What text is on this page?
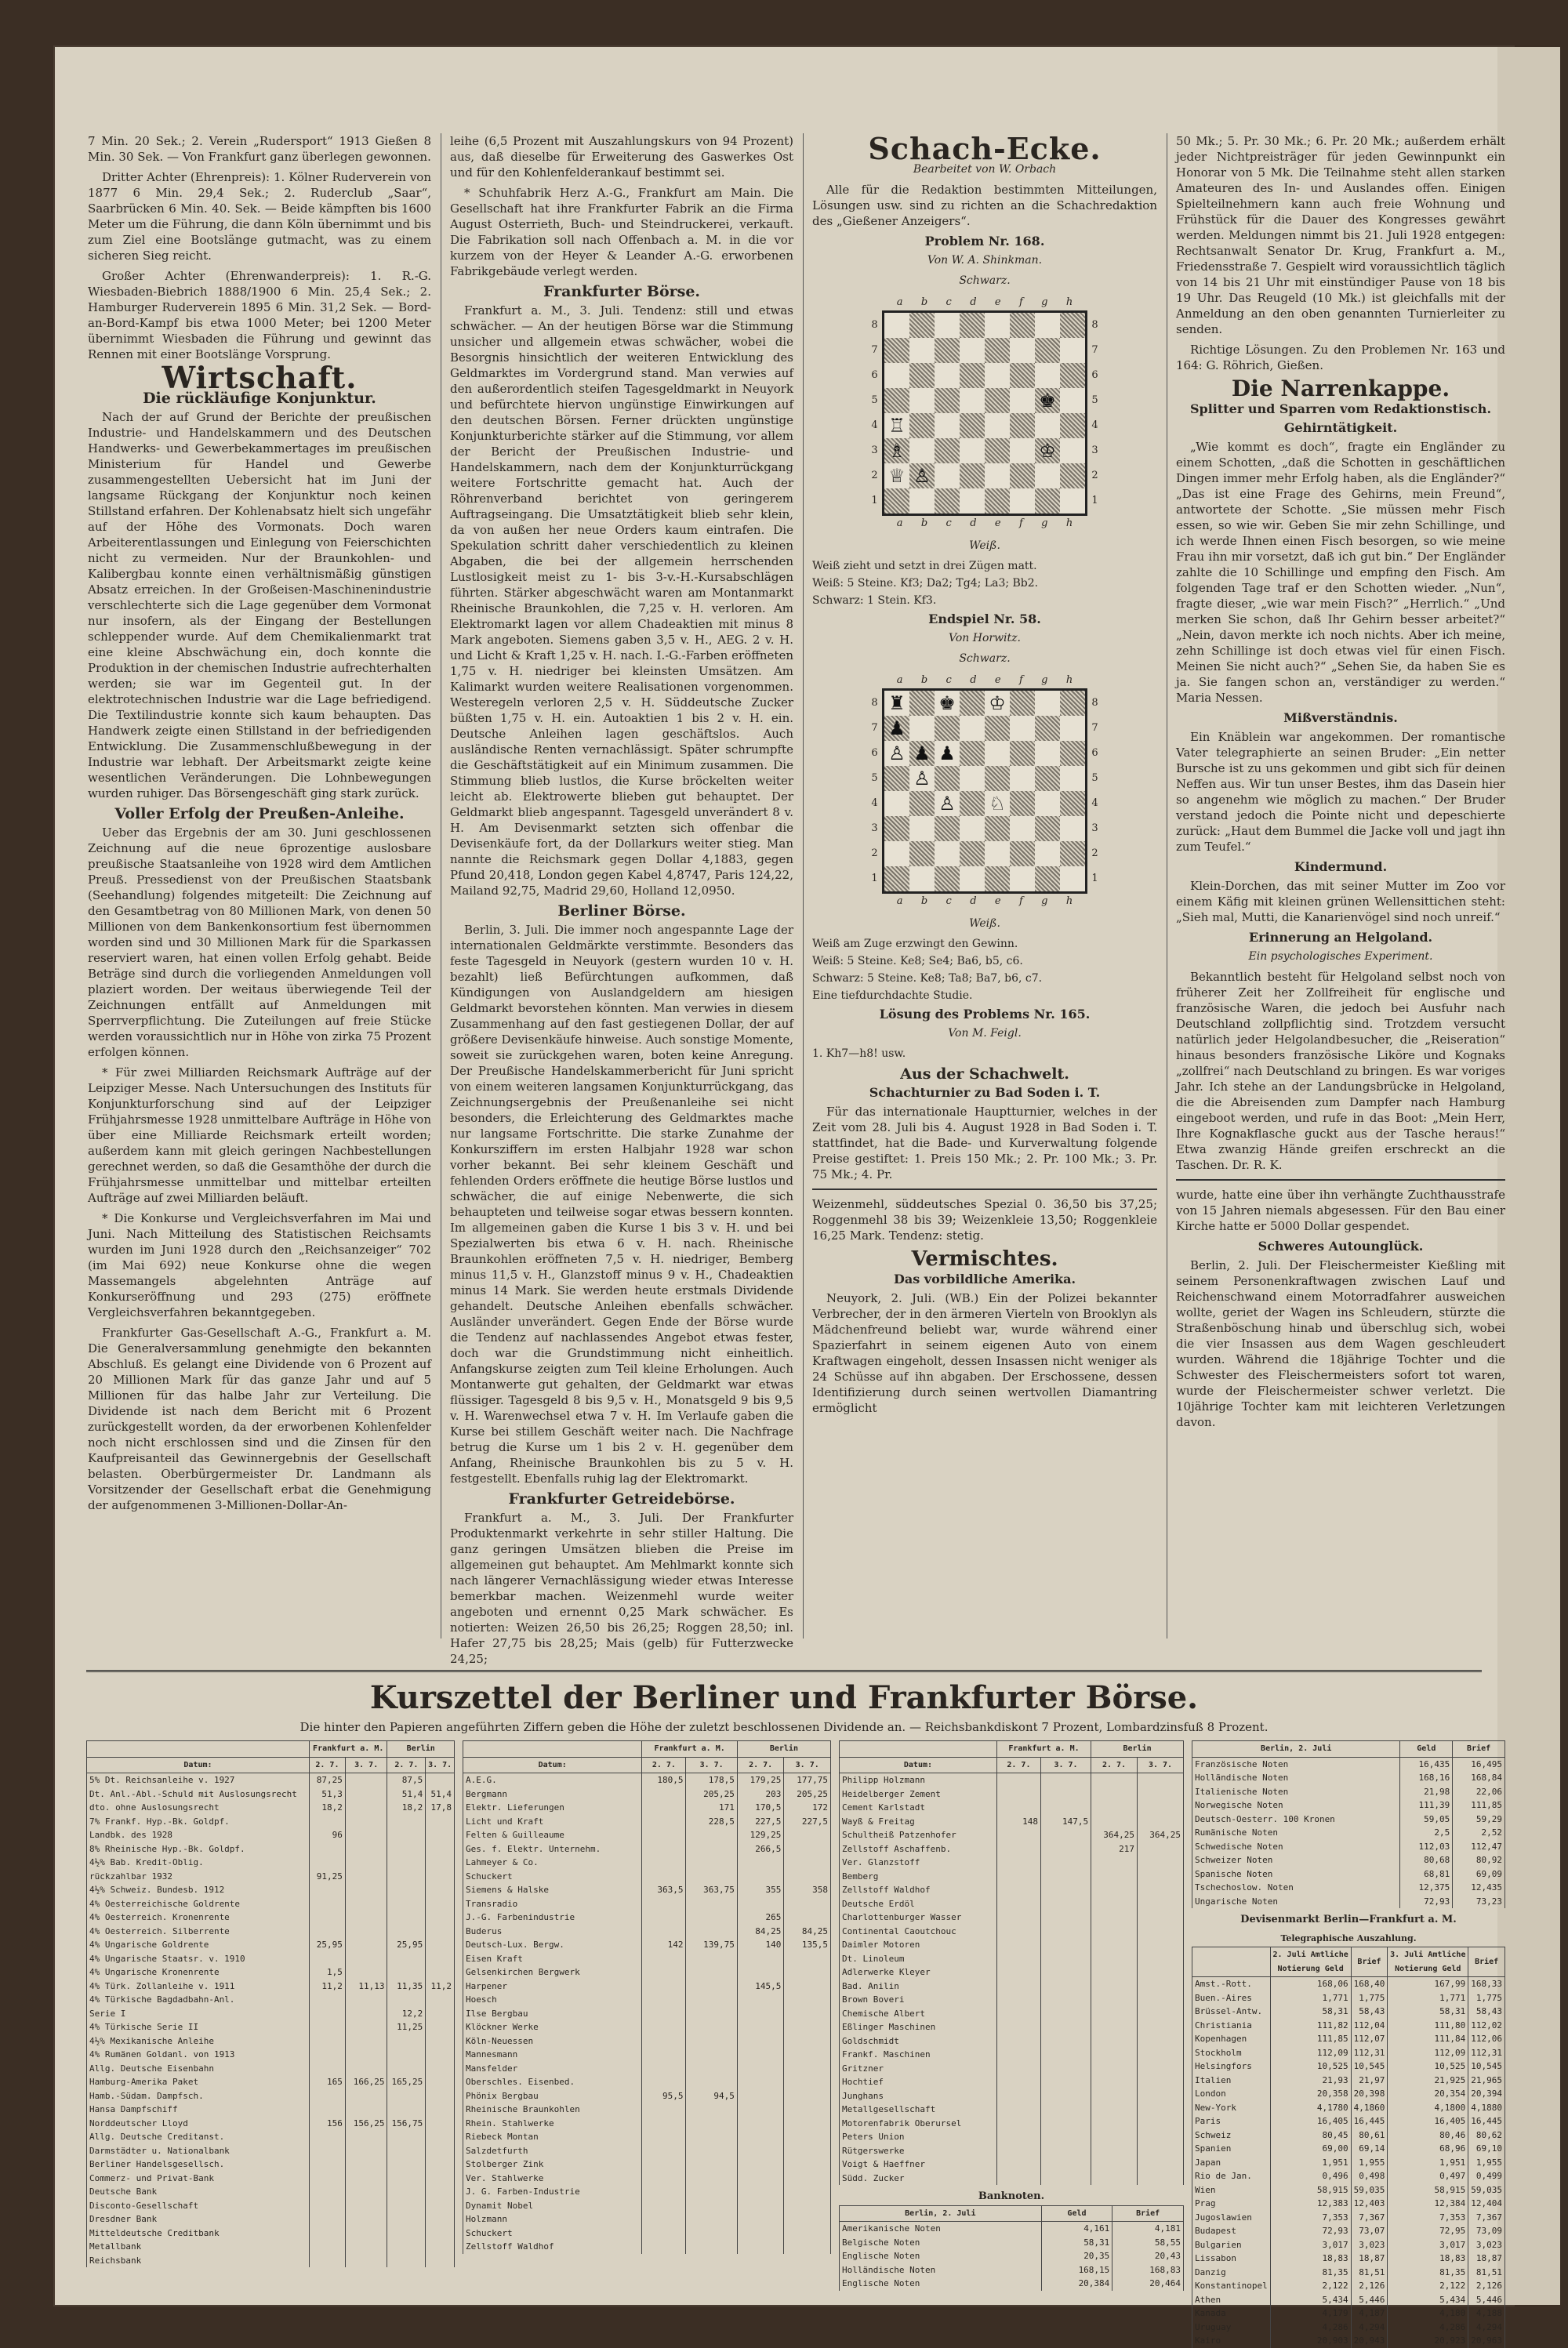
7 Min. 20 Sek.; 2. Verein „Rudersport“ 1913 Gießen 8 Min. 30 Sek. — Von Frankfurt ganz überlegen gewonnen.

Dritter Achter (Ehrenpreis): 1. Kölner Ruderverein von 1877 6 Min. 29,4 Sek.; 2. Ruderclub „Saar“, Saarbrücken 6 Min. 40. Sek. — Beide kämpften bis 1600 Meter um die Führung, die dann Köln übernimmt und bis zum Ziel eine Bootslänge gutmacht, was zu einem sicheren Sieg reicht.

Großer Achter (Ehrenwanderpreis): 1. R.-G. Wiesbaden-Biebrich 1888/1900 6 Min. 25,4 Sek.; 2. Hamburger Ruderverein 1895 6 Min. 31,2 Sek. — Bord-an-Bord-Kampf bis etwa 1000 Meter; bei 1200 Meter übernimmt Wiesbaden die Führung und gewinnt das Rennen mit einer Bootslänge Vorsprung.

Wirtschaft.
Die rückläufige Konjunktur.

Nach der auf Grund der Berichte der preußischen Industrie- und Handelskammern und des Deutschen Handwerks- und Gewerbekammertages im preußischen Ministerium für Handel und Gewerbe zusammengestellten Uebersicht hat im Juni der langsame Rückgang der Konjunktur noch keinen Stillstand erfahren. Der Kohlenabsatz hielt sich ungefähr auf der Höhe des Vormonats. Doch waren Arbeiterentlassungen und Einlegung von Feierschichten nicht zu vermeiden. Nur der Braunkohlen- und Kalibergbau konnte einen verhältnismäßig günstigen Absatz erreichen. In der Großeisen-Maschinenindustrie verschlechterte sich die Lage gegenüber dem Vormonat nur insofern, als der Eingang der Bestellungen schleppender wurde. Auf dem Chemikalienmarkt trat eine kleine Abschwächung ein, doch konnte die Produktion in der chemischen Industrie aufrechterhalten werden; sie war im Gegenteil gut. In der elektrotechnischen Industrie war die Lage befriedigend. Die Textilindustrie konnte sich kaum behaupten. Das Handwerk zeigte einen Stillstand in der befriedigenden Entwicklung. Die Zusammenschlußbewegung in der Industrie war lebhaft. Der Arbeitsmarkt zeigte keine wesentlichen Veränderungen. Die Lohnbewegungen wurden ruhiger. Das Börsengeschäft ging stark zurück.

Voller Erfolg der Preußen-Anleihe.

Ueber das Ergebnis der am 30. Juni geschlossenen Zeichnung auf die neue 6prozentige auslosbare preußische Staatsanleihe von 1928 wird dem Amtlichen Preuß. Pressedienst von der Preußischen Staatsbank (Seehandlung) folgendes mitgeteilt: Die Zeichnung auf den Gesamtbetrag von 80 Millionen Mark, von denen 50 Millionen von dem Bankenkonsortium fest übernommen worden sind und 30 Millionen Mark für die Sparkassen reserviert waren, hat einen vollen Erfolg gehabt. Beide Beträge sind durch die vorliegenden Anmeldungen voll plaziert worden. Der weitaus überwiegende Teil der Zeichnungen entfällt auf Anmeldungen mit Sperrverpflichtung. Die Zuteilungen auf freie Stücke werden voraussichtlich nur in Höhe von zirka 75 Prozent erfolgen können.

* Für zwei Milliarden Reichsmark Aufträge auf der Leipziger Messe. Nach Untersuchungen des Instituts für Konjunkturforschung sind auf der Leipziger Frühjahrsmesse 1928 unmittelbare Aufträge in Höhe von über eine Milliarde Reichsmark erteilt worden; außerdem kann mit gleich geringen Nachbestellungen gerechnet werden, so daß die Gesamthöhe der durch die Frühjahrsmesse unmittelbar und mittelbar erteilten Aufträge auf zwei Milliarden beläuft.

* Die Konkurse und Vergleichsverfahren im Mai und Juni. Nach Mitteilung des Statistischen Reichsamts wurden im Juni 1928 durch den „Reichsanzeiger“ 702 (im Mai 692) neue Konkurse ohne die wegen Massemangels abgelehnten Anträge auf Konkurseröffnung und 293 (275) eröffnete Vergleichsverfahren bekanntgegeben.

Frankfurter Gas-Gesellschaft A.-G., Frankfurt a. M. Die Generalversammlung genehmigte den bekannten Abschluß. Es gelangt eine Dividende von 6 Prozent auf 20 Millionen Mark für das ganze Jahr und auf 5 Millionen für das halbe Jahr zur Verteilung. Die Dividende ist nach dem Bericht mit 6 Prozent zurückgestellt worden, da der erworbenen Kohlenfelder noch nicht erschlossen sind und die Zinsen für den Kaufpreisanteil das Gewinnergebnis der Gesellschaft belasten. Oberbürgermeister Dr. Landmann als Vorsitzender der Gesellschaft erbat die Genehmigung der aufgenommenen 3-Millionen-Dollar-An-

leihe (6,5 Prozent mit Auszahlungskurs von 94 Prozent) aus, daß dieselbe für Erweiterung des Gaswerkes Ost und für den Kohlenfelderankauf bestimmt sei.

* Schuhfabrik Herz A.-G., Frankfurt am Main. Die Gesellschaft hat ihre Frankfurter Fabrik an die Firma August Osterrieth, Buch- und Steindruckerei, verkauft. Die Fabrikation soll nach Offenbach a. M. in die vor kurzem von der Heyer & Leander A.-G. erworbenen Fabrikgebäude verlegt werden.

Frankfurter Börse.

Frankfurt a. M., 3. Juli. Tendenz: still und etwas schwächer. — An der heutigen Börse war die Stimmung unsicher und allgemein etwas schwächer, wobei die Besorgnis hinsichtlich der weiteren Entwicklung des Geldmarktes im Vordergrund stand. Man verwies auf den außerordentlich steifen Tagesgeldmarkt in Neuyork und befürchtete hiervon ungünstige Einwirkungen auf den deutschen Börsen. Ferner drückten ungünstige Konjunkturberichte stärker auf die Stimmung, vor allem der Bericht der Preußischen Industrie- und Handelskammern, nach dem der Konjunkturrückgang weitere Fortschritte gemacht hat. Auch der Röhrenverband berichtet von geringerem Auftragseingang. Die Umsatztätigkeit blieb sehr klein, da von außen her neue Orders kaum eintrafen. Die Spekulation schritt daher verschiedentlich zu kleinen Abgaben, die bei der allgemein herrschenden Lustlosigkeit meist zu 1- bis 3-v.-H.-Kursabschlägen führten. Stärker abgeschwächt waren am Montanmarkt Rheinische Braunkohlen, die 7,25 v. H. verloren. Am Elektromarkt lagen vor allem Chadeaktien mit minus 8 Mark angeboten. Siemens gaben 3,5 v. H., AEG. 2 v. H. und Licht & Kraft 1,25 v. H. nach. I.-G.-Farben eröffneten 1,75 v. H. niedriger bei kleinsten Umsätzen. Am Kalimarkt wurden weitere Realisationen vorgenommen. Westeregeln verloren 2,5 v. H. Süddeutsche Zucker büßten 1,75 v. H. ein. Autoaktien 1 bis 2 v. H. ein. Deutsche Anleihen lagen geschäftslos. Auch ausländische Renten vernachlässigt. Später schrumpfte die Geschäftstätigkeit auf ein Minimum zusammen. Die Stimmung blieb lustlos, die Kurse bröckelten weiter leicht ab. Elektrowerte blieben gut behauptet. Der Geldmarkt blieb angespannt. Tagesgeld unverändert 8 v. H. Am Devisenmarkt setzten sich offenbar die Devisenkäufe fort, da der Dollarkurs weiter stieg. Man nannte die Reichsmark gegen Dollar 4,1883, gegen Pfund 20,418, London gegen Kabel 4,8747, Paris 124,22, Mailand 92,75, Madrid 29,60, Holland 12,0950.

Berliner Börse.

Berlin, 3. Juli. Die immer noch angespannte Lage der internationalen Geldmärkte verstimmte. Besonders das feste Tagesgeld in Neuyork (gestern wurden 10 v. H. bezahlt) ließ Befürchtungen aufkommen, daß Kündigungen von Auslandgeldern am hiesigen Geldmarkt bevorstehen könnten. Man verwies in diesem Zusammenhang auf den fast gestiegenen Dollar, der auf größere Devisenkäufe hinweise. Auch sonstige Momente, soweit sie zurückgehen waren, boten keine Anregung. Der Preußische Handelskammerbericht für Juni spricht von einem weiteren langsamen Konjunkturrückgang, das Zeichnungsergebnis der Preußenanleihe sei nicht besonders, die Erleichterung des Geldmarktes mache nur langsame Fortschritte. Die starke Zunahme der Konkursziffern im ersten Halbjahr 1928 war schon vorher bekannt. Bei sehr kleinem Geschäft und fehlenden Orders eröffnete die heutige Börse lustlos und schwächer, die auf einige Nebenwerte, die sich behaupteten und teilweise sogar etwas bessern konnten. Im allgemeinen gaben die Kurse 1 bis 3 v. H. und bei Spezialwerten bis etwa 6 v. H. nach. Rheinische Braunkohlen eröffneten 7,5 v. H. niedriger, Bemberg minus 11,5 v. H., Glanzstoff minus 9 v. H., Chadeaktien minus 14 Mark. Sie werden heute erstmals Dividende gehandelt. Deutsche Anleihen ebenfalls schwächer. Ausländer unverändert. Gegen Ende der Börse wurde die Tendenz auf nachlassendes Angebot etwas fester, doch war die Grundstimmung nicht einheitlich. Anfangskurse zeigten zum Teil kleine Erholungen. Auch Montanwerte gut gehalten, der Geldmarkt war etwas flüssiger. Tagesgeld 8 bis 9,5 v. H., Monatsgeld 9 bis 9,5 v. H. Warenwechsel etwa 7 v. H. Im Verlaufe gaben die Kurse bei stillem Geschäft weiter nach. Die Nachfrage betrug die Kurse um 1 bis 2 v. H. gegenüber dem Anfang, Rheinische Braunkohlen bis zu 5 v. H. festgestellt. Ebenfalls ruhig lag der Elektromarkt.

Frankfurter Getreidebörse.

Frankfurt a. M., 3. Juli. Der Frankfurter Produktenmarkt verkehrte in sehr stiller Haltung. Die ganz geringen Umsätzen blieben die Preise im allgemeinen gut behauptet. Am Mehlmarkt konnte sich nach längerer Vernachlässigung wieder etwas Interesse bemerkbar machen. Weizenmehl wurde weiter angeboten und ernennt 0,25 Mark schwächer. Es notierten: Weizen 26,50 bis 26,25; Roggen 28,50; inl. Hafer 27,75 bis 28,25; Mais (gelb) für Futterzwecke 24,25;

Schach-Ecke.
Bearbeitet von W. Orbach

Alle für die Redaktion bestimmten Mitteilungen, Lösungen usw. sind zu richten an die Schachredaktion des „Gießener Anzeigers“.

Problem Nr. 168.
Von W. A. Shinkman.
Schwarz.
a b c d e f g h
8
7
6
5
4
3
2
1
♚
♖
♗	♔
♕ ♙
8
7
6
5
4
3
2
1
a b c d e f g h
Weiß.
Weiß zieht und setzt in drei Zügen matt.
Weiß: 5 Steine. Kf3; Da2; Tg4; La3; Bb2.
Schwarz: 1 Stein. Kf3.
Endspiel Nr. 58.
Von Horwitz.
Schwarz.
a b c d e f g h
8
7
6
5
4
3
2
1
♜ ♚ ♔
♟
♙ ♟ ♟
♙
♙ ♘
8
7
6
5
4
3
2
1
a b c d e f g h
Weiß.
Weiß am Zuge erzwingt den Gewinn.
Weiß: 5 Steine. Ke8; Se4; Ba6, b5, c6.
Schwarz: 5 Steine. Ke8; Ta8; Ba7, b6, c7.
Eine tiefdurchdachte Studie.
Lösung des Problems Nr. 165.
Von M. Feigl.
1. Kh7—h8! usw.
Aus der Schachwelt.
Schachturnier zu Bad Soden i. T.

Für das internationale Hauptturnier, welches in der Zeit vom 28. Juli bis 4. August 1928 in Bad Soden i. T. stattfindet, hat die Bade- und Kurverwaltung folgende Preise gestiftet: 1. Preis 150 Mk.; 2. Pr. 100 Mk.; 3. Pr. 75 Mk.; 4. Pr.

Weizenmehl, süddeutsches Spezial 0. 36,50 bis 37,25; Roggenmehl 38 bis 39; Weizenkleie 13,50; Roggenkleie 16,25 Mark. Tendenz: stetig.

Vermischtes.
Das vorbildliche Amerika.

Neuyork, 2. Juli. (WB.) Ein der Polizei bekannter Verbrecher, der in den ärmeren Vierteln von Brooklyn als Mädchenfreund beliebt war, wurde während einer Spazierfahrt in seinem eigenen Auto von einem Kraftwagen eingeholt, dessen Insassen nicht weniger als 24 Schüsse auf ihn abgaben. Der Erschossene, dessen Identifizierung durch seinen wertvollen Diamantring ermöglicht

50 Mk.; 5. Pr. 30 Mk.; 6. Pr. 20 Mk.; außerdem erhält jeder Nichtpreisträger für jeden Gewinnpunkt ein Honorar von 5 Mk. Die Teilnahme steht allen starken Amateuren des In- und Auslandes offen. Einigen Spielteilnehmern kann auch freie Wohnung und Frühstück für die Dauer des Kongresses gewährt werden. Meldungen nimmt bis 21. Juli 1928 entgegen: Rechtsanwalt Senator Dr. Krug, Frankfurt a. M., Friedensstraße 7. Gespielt wird voraussichtlich täglich von 14 bis 21 Uhr mit einstündiger Pause von 18 bis 19 Uhr. Das Reugeld (10 Mk.) ist gleichfalls mit der Anmeldung an den oben genannten Turnierleiter zu senden.

Richtige Lösungen. Zu den Problemen Nr. 163 und 164: G. Röhrich, Gießen.

Die Narrenkappe.
Splitter und Sparren vom Redaktionstisch.
Gehirntätigkeit.

„Wie kommt es doch“, fragte ein Engländer zu einem Schotten, „daß die Schotten in geschäftlichen Dingen immer mehr Erfolg haben, als die Engländer?“ „Das ist eine Frage des Gehirns, mein Freund“, antwortete der Schotte. „Sie müssen mehr Fisch essen, so wie wir. Geben Sie mir zehn Schillinge, und ich werde Ihnen einen Fisch besorgen, so wie meine Frau ihn mir vorsetzt, daß ich gut bin.“ Der Engländer zahlte die 10 Schillinge und empfing den Fisch. Am folgenden Tage traf er den Schotten wieder. „Nun“, fragte dieser, „wie war mein Fisch?“ „Herrlich.“ „Und merken Sie schon, daß Ihr Gehirn besser arbeitet?“ „Nein, davon merkte ich noch nichts. Aber ich meine, zehn Schillinge ist doch etwas viel für einen Fisch. Meinen Sie nicht auch?“ „Sehen Sie, da haben Sie es ja. Sie fangen schon an, verständiger zu werden.“ Maria Nessen.

Mißverständnis.

Ein Knäblein war angekommen. Der romantische Vater telegraphierte an seinen Bruder: „Ein netter Bursche ist zu uns gekommen und gibt sich für deinen Neffen aus. Wir tun unser Bestes, ihm das Dasein hier so angenehm wie möglich zu machen.“ Der Bruder verstand jedoch die Pointe nicht und depeschierte zurück: „Haut dem Bummel die Jacke voll und jagt ihn zum Teufel.“

Kindermund.

Klein-Dorchen, das mit seiner Mutter im Zoo vor einem Käfig mit kleinen grünen Wellensittichen steht: „Sieh mal, Mutti, die Kanarienvögel sind noch unreif.“

Erinnerung an Helgoland.
Ein psychologisches Experiment.

Bekanntlich besteht für Helgoland selbst noch von früherer Zeit her Zollfreiheit für englische und französische Waren, die jedoch bei Ausfuhr nach Deutschland zollpflichtig sind. Trotzdem versucht natürlich jeder Helgolandbesucher, die „Reiseration“ hinaus besonders französische Liköre und Kognaks „zollfrei“ nach Deutschland zu bringen. Es war voriges Jahr. Ich stehe an der Landungsbrücke in Helgoland, die die Abreisenden zum Dampfer nach Hamburg eingeboot werden, und rufe in das Boot: „Mein Herr, Ihre Kognakflasche guckt aus der Tasche heraus!“ Etwa zwanzig Hände greifen erschreckt an die Taschen. Dr. R. K.

wurde, hatte eine über ihn verhängte Zuchthausstrafe von 15 Jahren niemals abgesessen. Für den Bau einer Kirche hatte er 5000 Dollar gespendet.

Schweres Autounglück.

Berlin, 2. Juli. Der Fleischermeister Kießling mit seinem Personenkraftwagen zwischen Lauf und Reichenschwand einem Motorradfahrer ausweichen wollte, geriet der Wagen ins Schleudern, stürzte die Straßenböschung hinab und überschlug sich, wobei die vier Insassen aus dem Wagen geschleudert wurden. Während die 18jährige Tochter und die Schwester des Fleischermeisters sofort tot waren, wurde der Fleischermeister schwer verletzt. Die 10jährige Tochter kam mit leichteren Verletzungen davon.

Kurszettel der Berliner und Frankfurter Börse.
Die hinter den Papieren angeführten Ziffern geben die Höhe der zuletzt beschlossenen Dividende an. — Reichsbankdiskont 7 Prozent, Lombardzinsfuß 8 Prozent.
	Frankfurt a. M.		Berlin	
Datum:	2. 7.	3. 7.	2. 7.	3. 7.
5% Dt. Reichsanleihe v. 1927	87,25		87,5	
Dt. Anl.-Abl.-Schuld mit Auslosungsrecht	51,3		51,4	51,4
dto. ohne Auslosungsrecht	18,2		18,2	17,8
7% Frankf. Hyp.-Bk. Goldpf.				
Landbk. des 1928	96			
8% Rheinische Hyp.-Bk. Goldpf.				
4½% Bab. Kredit-Oblig.				
rückzahlbar 1932	91,25			
4½% Schweiz. Bundesb. 1912				
4% Oesterreichische Goldrente				
4% Oesterreich. Kronenrente				
4% Oesterreich. Silberrente				
4% Ungarische Goldrente	25,95		25,95	
4% Ungarische Staatsr. v. 1910				
4% Ungarische Kronenrente	1,5			
4% Türk. Zollanleihe v. 1911	11,2	11,13	11,35	11,2
4% Türkische Bagdadbahn-Anl.				
Serie I			12,2	
4% Türkische Serie II			11,25	
4½% Mexikanische Anleihe				
4% Rumänen Goldanl. von 1913				
Allg. Deutsche Eisenbahn				
Hamburg-Amerika Paket	165	166,25	165,25	
Hamb.-Südam. Dampfsch.				
Hansa Dampfschiff				
Norddeutscher Lloyd	156	156,25	156,75	
Allg. Deutsche Creditanst.				
Darmstädter u. Nationalbank				
Berliner Handelsgesellsch.				
Commerz- und Privat-Bank				
Deutsche Bank				
Disconto-Gesellschaft				
Dresdner Bank				
Mitteldeutsche Creditbank				
Metallbank				
Reichsbank				
	Frankfurt a. M.		Berlin	
Datum:	2. 7.	3. 7.	2. 7.	3. 7.
A.E.G.	180,5	178,5	179,25	177,75
Bergmann		205,25	203	205,25
Elektr. Lieferungen		171	170,5	172
Licht und Kraft		228,5	227,5	227,5
Felten & Guilleaume			129,25	
Ges. f. Elektr. Unternehm.			266,5	
Lahmeyer & Co.				
Schuckert				
Siemens & Halske	363,5	363,75	355	358
Transradio				
J.-G. Farbenindustrie			265	
Buderus			84,25	84,25
Deutsch-Lux. Bergw.	142	139,75	140	135,5
Eisen Kraft				
Gelsenkirchen Bergwerk				
Harpener			145,5	
Hoesch				
Ilse Bergbau				
Klöckner Werke				
Köln-Neuessen				
Mannesmann				
Mansfelder				
Oberschles. Eisenbed.				
Phönix Bergbau	95,5	94,5		
Rheinische Braunkohlen				
Rhein. Stahlwerke				
Riebeck Montan				
Salzdetfurth				
Stolberger Zink				
Ver. Stahlwerke				
J. G. Farben-Industrie				
Dynamit Nobel				
Holzmann				
Schuckert				
Zellstoff Waldhof				
	Frankfurt a. M.		Berlin	
Datum:	2. 7.	3. 7.	2. 7.	3. 7.
Philipp Holzmann				
Heidelberger Zement				
Cement Karlstadt				
Wayß & Freitag	148	147,5		
Schultheiß Patzenhofer			364,25	364,25
Zellstoff Aschaffenb.			217	
Ver. Glanzstoff				
Bemberg				
Zellstoff Waldhof				
Deutsche Erdöl				
Charlottenburger Wasser				
Continental Caoutchouc				
Daimler Motoren				
Dt. Linoleum				
Adlerwerke Kleyer				
Bad. Anilin				
Brown Boveri				
Chemische Albert				
Eßlinger Maschinen				
Goldschmidt				
Frankf. Maschinen				
Gritzner				
Hochtief				
Junghans				
Metallgesellschaft				
Motorenfabrik Oberursel				
Peters Union				
Rütgerswerke				
Voigt & Haeffner				
Südd. Zucker				
Banknoten.
Berlin, 2. Juli	Geld	Brief
Amerikanische Noten	4,161	4,181
Belgische Noten	58,31	58,55
Englische Noten	20,35	20,43
Holländische Noten	168,15	168,83
Englische Noten	20,384	20,464
Berlin, 2. Juli	Geld	Brief
Französische Noten	16,435	16,495
Holländische Noten	168,16	168,84
Italienische Noten	21,98	22,06
Norwegische Noten	111,39	111,85
Deutsch-Oesterr. 100 Kronen	59,05	59,29
Rumänische Noten	2,5	2,52
Schwedische Noten	112,03	112,47
Schweizer Noten	80,68	80,92
Spanische Noten	68,81	69,09
Tschechoslow. Noten	12,375	12,435
Ungarische Noten	72,93	73,23
Devisenmarkt Berlin—Frankfurt a. M.
Telegraphische Auszahlung.
	2. Juli Amtliche Notierung Geld	Brief	3. Juli Amtliche Notierung Geld	Brief
Amst.-Rott.	168,06	168,40	167,99	168,33
Buen.-Aires	1,771	1,775	1,771	1,775
Brüssel-Antw.	58,31	58,43	58,31	58,43
Christiania	111,82	112,04	111,80	112,02
Kopenhagen	111,85	112,07	111,84	112,06
Stockholm	112,09	112,31	112,09	112,31
Helsingfors	10,525	10,545	10,525	10,545
Italien	21,93	21,97	21,925	21,965
London	20,358	20,398	20,354	20,394
New-York	4,1780	4,1860	4,1800	4,1880
Paris	16,405	16,445	16,405	16,445
Schweiz	80,45	80,61	80,46	80,62
Spanien	69,00	69,14	68,96	69,10
Japan	1,951	1,955	1,951	1,955
Rio de Jan.	0,496	0,498	0,497	0,499
Wien	58,915	59,035	58,915	59,035
Prag	12,383	12,403	12,384	12,404
Jugoslawien	7,353	7,367	7,353	7,367
Budapest	72,93	73,07	72,95	73,09
Bulgarien	3,017	3,023	3,017	3,023
Lissabon	18,83	18,87	18,83	18,87
Danzig	81,35	81,51	81,35	81,51
Konstantinopel	2,122	2,126	2,122	2,126
Athen	5,434	5,446	5,434	5,446
Kanada	4,179	4,187	4,180	4,188
Uruguay	4,286	4,294	4,286	4,294
Kairo	20,903	20,943	20,923	20,963
